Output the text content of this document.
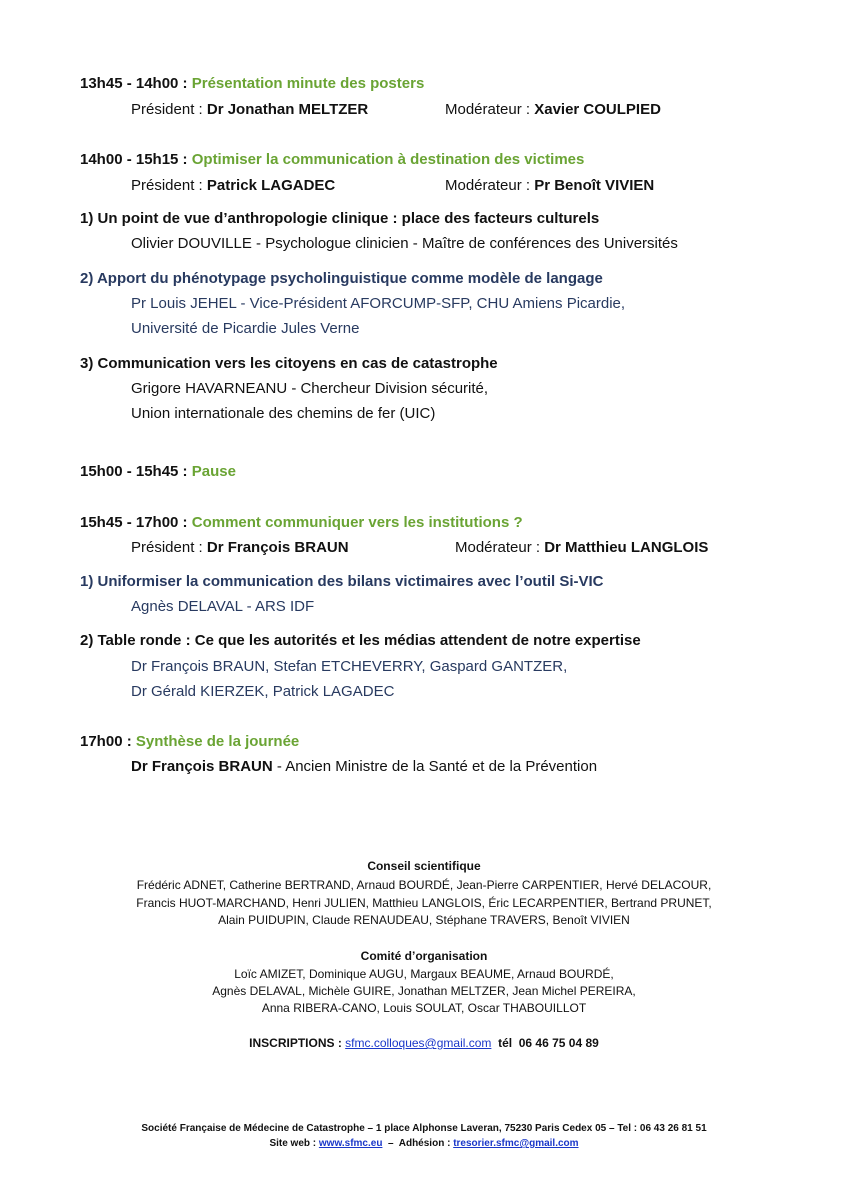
13h45 - 14h00 : Présentation minute des posters
Président : Dr Jonathan MELTZER	Modérateur : Xavier COULPIED
14h00 - 15h15 : Optimiser la communication à destination des victimes
Président : Patrick LAGADEC	Modérateur : Pr Benoît VIVIEN
1) Un point de vue d’anthropologie clinique : place des facteurs culturels
Olivier DOUVILLE - Psychologue clinicien - Maître de conférences des Universités
2) Apport du phénotypage psycholinguistique comme modèle de langage
Pr Louis JEHEL - Vice-Président AFORCUMP-SFP, CHU Amiens Picardie,
Université de Picardie Jules Verne
3) Communication vers les citoyens en cas de catastrophe
Grigore HAVARNEANU - Chercheur Division sécurité,
Union internationale des chemins de fer (UIC)
15h00 - 15h45 : Pause
15h45 - 17h00 : Comment communiquer vers les institutions ?
Président : Dr François BRAUN	Modérateur : Dr Matthieu LANGLOIS
1) Uniformiser la communication des bilans victimaires avec l’outil Si-VIC
Agnès DELAVAL - ARS IDF
2) Table ronde : Ce que les autorités et les médias attendent de notre expertise
Dr François BRAUN, Stefan ETCHEVERRY, Gaspard GANTZER,
Dr Gérald KIERZEK, Patrick LAGADEC
17h00 : Synthèse de la journée
Dr François BRAUN - Ancien Ministre de la Santé et de la Prévention
Conseil scientifique
Frédéric ADNET, Catherine BERTRAND, Arnaud BOURDÉ, Jean-Pierre CARPENTIER, Hervé DELACOUR,
Francis HUOT-MARCHAND, Henri JULIEN, Matthieu LANGLOIS, Éric LECARPENTIER, Bertrand PRUNET,
Alain PUIDUPIN, Claude RENAUDEAU, Stéphane TRAVERS, Benoît VIVIEN
Comité d’organisation
Loïc AMIZET, Dominique AUGU, Margaux BEAUME, Arnaud BOURDÉ,
Agnès DELAVAL, Michèle GUIRE, Jonathan MELTZER, Jean Michel PEREIRA,
Anna RIBERA-CANO, Louis SOULAT, Oscar THABOUILLOT
INSCRIPTIONS : sfmc.colloques@gmail.com  tél  06 46 75 04 89
Société Française de Médecine de Catastrophe – 1 place Alphonse Laveran, 75230 Paris Cedex 05 – Tel : 06 43 26 81 51
Site web : www.sfmc.eu  –  Adhésion : tresorier.sfmc@gmail.com
